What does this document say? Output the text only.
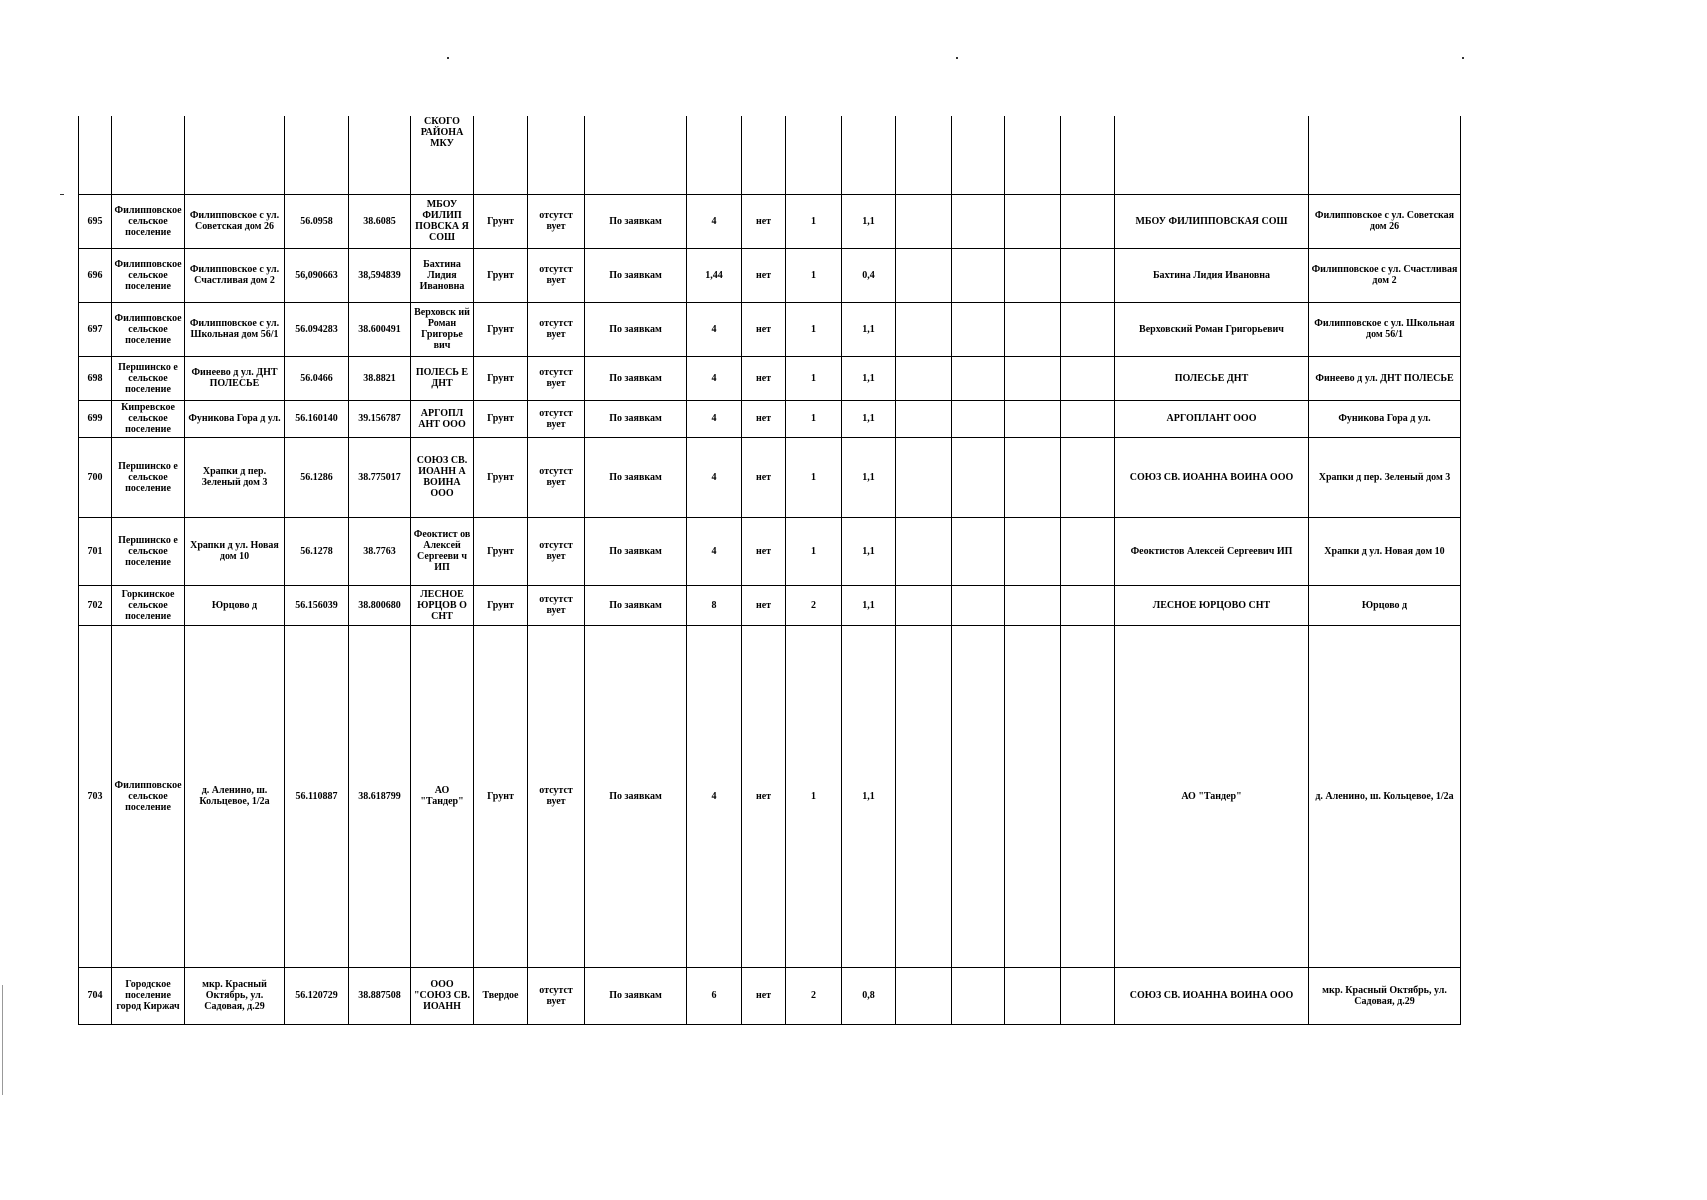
					СКОГО
РАЙОНА
МКУ													

695	Филипповское сельское поселение	Филипповское с ул. Советская дом 26	56.0958	38.6085	МБОУ ФИЛИП ПОВСКА Я СОШ	Грунт	отсутст вует	По заявкам	4	нет	1	1,1					МБОУ ФИЛИППОВСКАЯ СОШ	Филипповское с ул. Советская дом 26
696	Филипповское сельское поселение	Филипповское с ул. Счастливая дом 2	56,090663	38,594839	Бахтина Лидия Ивановна	Грунт	отсутст вует	По заявкам	1,44	нет	1	0,4					Бахтина Лидия Ивановна	Филипповское с ул. Счастливая дом 2
697	Филипповское сельское поселение	Филипповское с ул. Школьная дом 56/1	56.094283	38.600491	Верховск ий Роман Григорье вич	Грунт	отсутст вует	По заявкам	4	нет	1	1,1					Верховский Роман Григорьевич	Филипповское с ул. Школьная дом 56/1
698	Першинско е сельское поселение	Финеево д ул. ДНТ ПОЛЕСЬЕ	56.0466	38.8821	ПОЛЕСЬ Е ДНТ	Грунт	отсутст вует	По заявкам	4	нет	1	1,1					ПОЛЕСЬЕ ДНТ	Финеево д ул. ДНТ ПОЛЕСЬЕ
699	Кипревское сельское поселение	Фуникова Гора д ул.	56.160140	39.156787	АРГОПЛ АНТ ООО	Грунт	отсутст вует	По заявкам	4	нет	1	1,1					АРГОПЛАНТ ООО	Фуникова Гора д ул.
700	Першинско е сельское поселение	Храпки д пер. Зеленый дом 3	56.1286	38.775017	СОЮЗ СВ. ИОАНН А ВОИНА ООО	Грунт	отсутст вует	По заявкам	4	нет	1	1,1					СОЮЗ СВ. ИОАННА ВОИНА ООО	Храпки д пер. Зеленый дом 3
701	Першинско е сельское поселение	Храпки д ул. Новая дом 10	56.1278	38.7763	Феоктист ов Алексей Сергееви ч ИП	Грунт	отсутст вует	По заявкам	4	нет	1	1,1					Феоктистов Алексей Сергеевич ИП	Храпки д ул. Новая дом 10
702	Горкинское сельское поселение	Юрцово д	56.156039	38.800680	ЛЕСНОЕ ЮРЦОВ О СНТ	Грунт	отсутст вует	По заявкам	8	нет	2	1,1					ЛЕСНОЕ ЮРЦОВО СНТ	Юрцово д
703	Филипповское сельское поселение	д. Аленино, ш. Кольцевое, 1/2а	56.110887	38.618799	АО "Тандер"	Грунт	отсутст вует	По заявкам	4	нет	1	1,1					АО "Тандер"	д. Аленино, ш. Кольцевое, 1/2а
704	Городское поселение город Киржач	мкр. Красный Октябрь, ул. Садовая, д.29	56.120729	38.887508	ООО "СОЮЗ СВ. ИОАНН	Твердое	отсутст вует	По заявкам	6	нет	2	0,8					СОЮЗ СВ. ИОАННА ВОИНА ООО	мкр. Красный Октябрь, ул. Садовая, д.29
